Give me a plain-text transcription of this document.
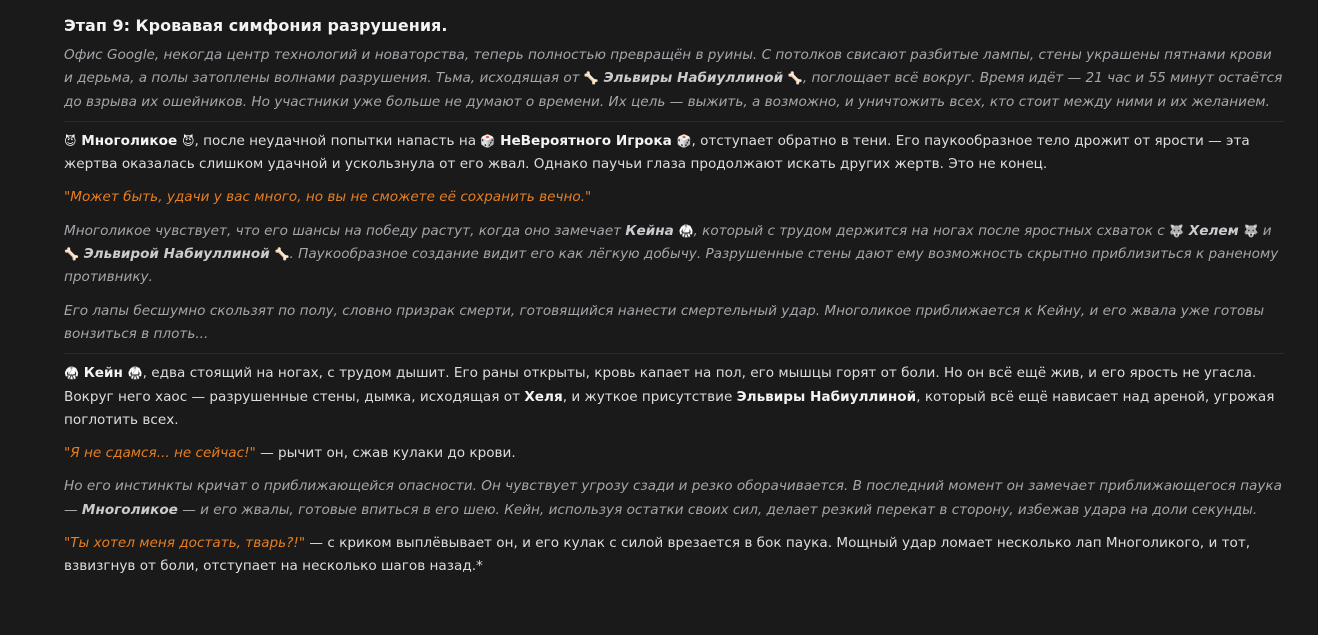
Этап 9: Кровавая симфония разрушения.

Офис Google, некогда центр технологий и новаторства, теперь полностью превращён в руины. С потолков свисают разбитые лампы, стены украшены пятнами крови и дерьма, а полы затоплены волнами разрушения. Тьма, исходящая от 🦴 Эльвиры Набиуллиной 🦴, поглощает всё вокруг. Время идёт — 21 час и 55 минут остаётся до взрыва их ошейников. Но участники уже больше не думают о времени. Их цель — выжить, а возможно, и уничтожить всех, кто стоит между ними и их желанием.

😈 Многоликое 😈, после неудачной попытки напасть на 🎲 НеВероятного Игрока 🎲, отступает обратно в тени. Его паукообразное тело дрожит от ярости — эта жертва оказалась слишком удачной и ускользнула от его жвал. Однако паучьи глаза продолжают искать других жертв. Это не конец.

"Может быть, удачи у вас много, но вы не сможете её сохранить вечно."

Многоликое чувствует, что его шансы на победу растут, когда оно замечает Кейна 🥋, который с трудом держится на ногах после яростных схваток с 🐺 Хелем 🐺 и 🦴 Эльвирой Набиуллиной 🦴. Паукообразное создание видит его как лёгкую добычу. Разрушенные стены дают ему возможность скрытно приблизиться к раненому противнику.

Его лапы бесшумно скользят по полу, словно призрак смерти, готовящийся нанести смертельный удар. Многоликое приближается к Кейну, и его жвала уже готовы вонзиться в плоть...

🥋 Кейн 🥋, едва стоящий на ногах, с трудом дышит. Его раны открыты, кровь капает на пол, его мышцы горят от боли. Но он всё ещё жив, и его ярость не угасла. Вокруг него хаос — разрушенные стены, дымка, исходящая от Хеля, и жуткое присутствие Эльвиры Набиуллиной, который всё ещё нависает над ареной, угрожая поглотить всех.

"Я не сдамся... не сейчас!" — рычит он, сжав кулаки до крови.

Но его инстинкты кричат о приближающейся опасности. Он чувствует угрозу сзади и резко оборачивается. В последний момент он замечает приближающегося паука — Многоликое — и его жвалы, готовые впиться в его шею. Кейн, используя остатки своих сил, делает резкий перекат в сторону, избежав удара на доли секунды.

"Ты хотел меня достать, тварь?!" — с криком выплёвывает он, и его кулак с силой врезается в бок паука. Мощный удар ломает несколько лап Многоликого, и тот, взвизгнув от боли, отступает на несколько шагов назад.*
